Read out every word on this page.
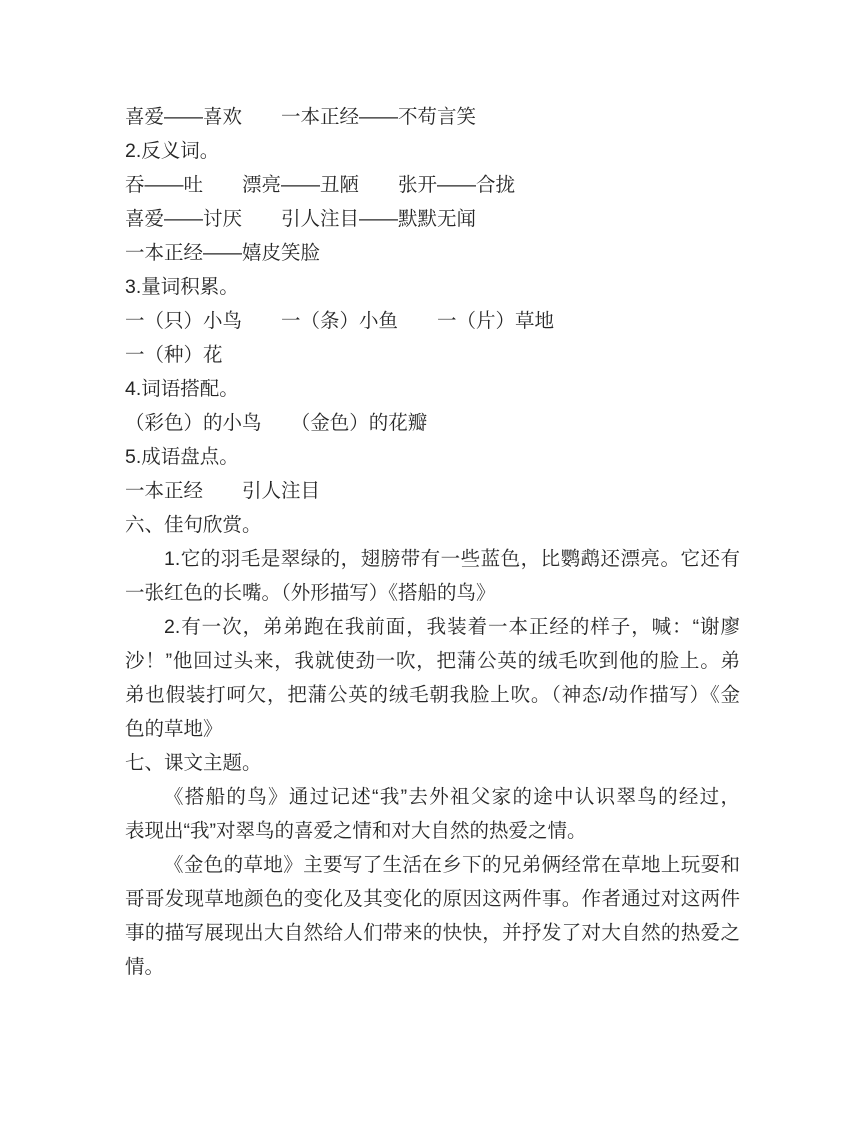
喜爱——喜欢　　一本正经——不苟言笑
2.反义词。
吞——吐　　漂亮——丑陋　　张开——合拢
喜爱——讨厌　　引人注目——默默无闻
一本正经——嬉皮笑脸
3.量词积累。
一（只）小鸟　　一（条）小鱼　　一（片）草地
一（种）花
4.词语搭配。
（彩色）的小鸟　　（金色）的花瓣
5.成语盘点。
一本正经　　引人注目
六、佳句欣赏。
1.它的羽毛是翠绿的，翅膀带有一些蓝色，比鹦鹉还漂亮。它还有
一张红色的长嘴。（外形描写）《搭船的鸟》
2.有一次，弟弟跑在我前面，我装着一本正经的样子，喊：“谢廖
沙！”他回过头来，我就使劲一吹，把蒲公英的绒毛吹到他的脸上。弟
弟也假装打呵欠，把蒲公英的绒毛朝我脸上吹。（神态/动作描写）《金
色的草地》
七、课文主题。
《搭船的鸟》通过记述“我”去外祖父家的途中认识翠鸟的经过，
表现出“我”对翠鸟的喜爱之情和对大自然的热爱之情。
《金色的草地》主要写了生活在乡下的兄弟俩经常在草地上玩耍和
哥哥发现草地颜色的变化及其变化的原因这两件事。作者通过对这两件
事的描写展现出大自然给人们带来的快快，并抒发了对大自然的热爱之
情。
